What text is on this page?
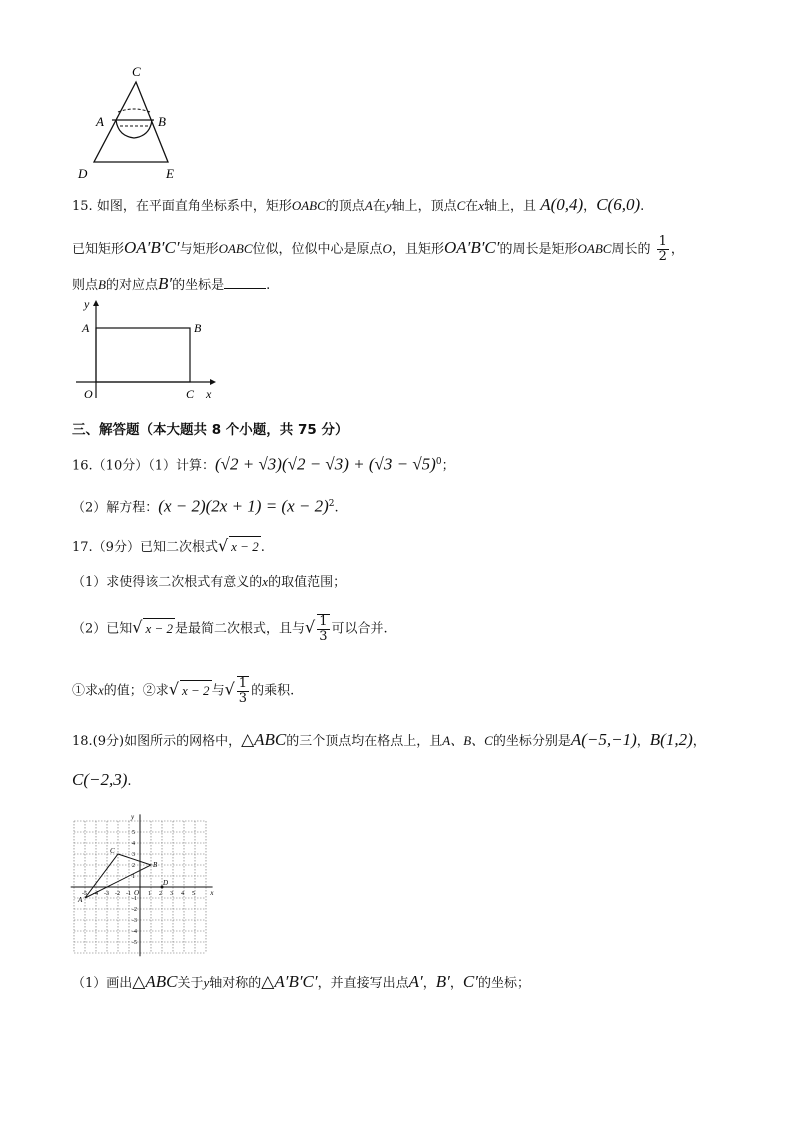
C
A	B
D	E
15. 如图，在平面直角坐标系中，矩形OABC的顶点A在y轴上，顶点C在x轴上，且 A(0,4)，C(6,0).
已知矩形OA′B′C′与矩形OABC位似，位似中心是原点O，且矩形OA′B′C′的周长是矩形OABC周长的 $\frac{1}{2}$ ，
则点B的对应点B′的坐标是	.
y
A	B
O	C x
三、解答题（本大题共 8 个小题，共 75 分）
16.（10分）（1）计算：$(√2 + √3)(√2 - √3) + (√3 - √5)^0$；
（2）解方程：$(x - 2)(2x + 1) = (x - 2)^2$.
17.（9分）已知二次根式√ x − 2 .
（1）求使得该二次根式有意义的x的取值范围；
（2）已知√ x − 2 是最简二次根式，且与√ $\frac{1}{3}$ 可以合并.
①求x的值；②求√ x − 2 与√ $\frac{1}{3}$ 的乘积.
18.(9分)如图所示的网格中，△ABC的三个顶点均在格点上，且A、B、C的坐标分别是A(−5,−1)，B(1,2)，
C(−2,3).
-5 -4 -3 -2 -1	1 2 3 4 5
5
4
3
2
1
-1
-2
-3
-4
-5
O	x
y
A
B
C
D
（1）画出△ABC关于y轴对称的△A′B′C′，并直接写出点A′，B′，C′的坐标；
